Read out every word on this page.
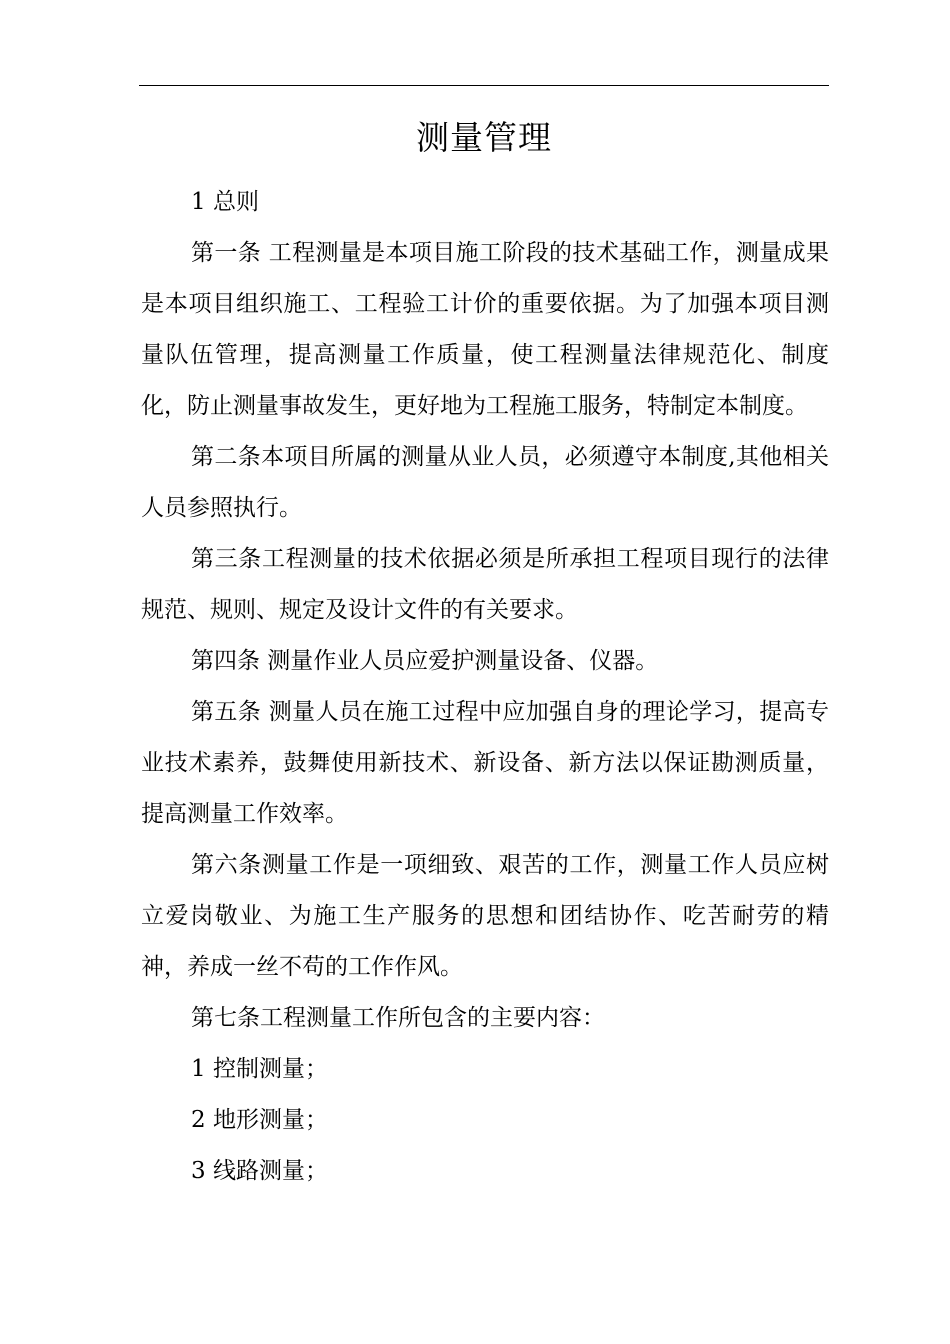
测量管理

1 总则

第一条 工程测量是本项目施工阶段的技术基础工作，测量成果是本项目组织施工、工程验工计价的重要依据。为了加强本项目测量队伍管理，提高测量工作质量，使工程测量法律规范化、制度化，防止测量事故发生，更好地为工程施工服务，特制定本制度。

第二条本项目所属的测量从业人员，必须遵守本制度,其他相关人员参照执行。

第三条工程测量的技术依据必须是所承担工程项目现行的法律规范、规则、规定及设计文件的有关要求。

第四条 测量作业人员应爱护测量设备、仪器。

第五条 测量人员在施工过程中应加强自身的理论学习，提高专业技术素养，鼓舞使用新技术、新设备、新方法以保证勘测质量，提高测量工作效率。

第六条测量工作是一项细致、艰苦的工作，测量工作人员应树立爱岗敬业、为施工生产服务的思想和团结协作、吃苦耐劳的精神，养成一丝不苟的工作作风。

第七条工程测量工作所包含的主要内容：

1 控制测量；

2 地形测量；

3 线路测量；
